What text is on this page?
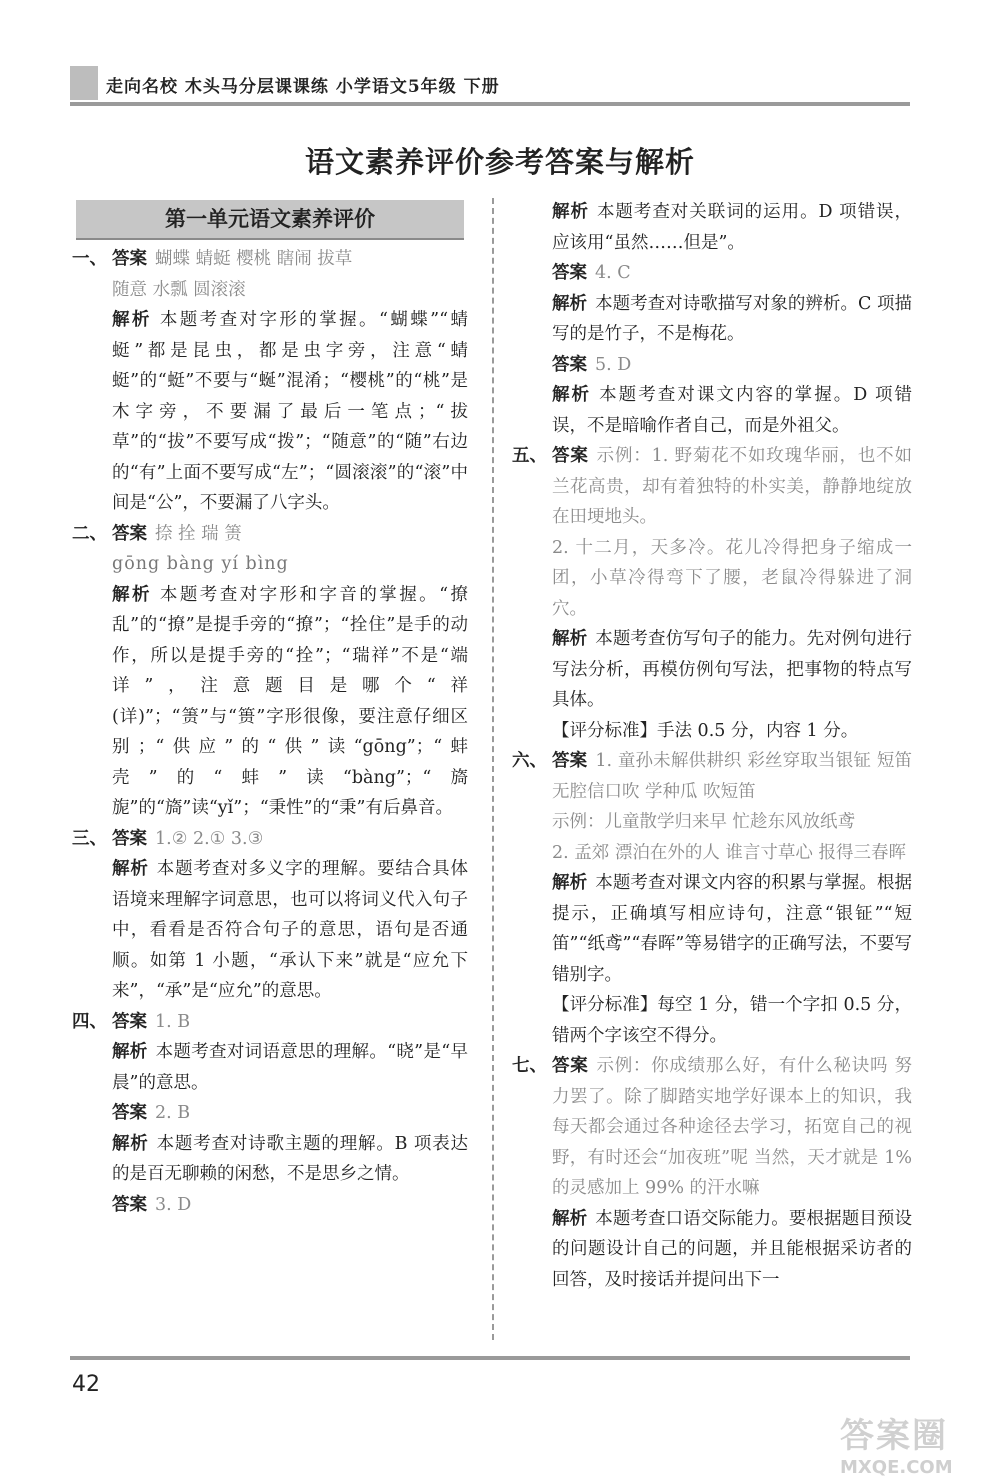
走向名校 木头马分层课课练 小学语文5年级 下册
语文素养评价参考答案与解析
第一单元语文素养评价
一、 答案 蝴蝶 蜻蜓 樱桃 瞎闹 拔草

随意 水瓢 圆滚滚

解析 本题考查对字形的掌握。“蝴蝶”“蜻蜓”都是昆虫，都是虫字旁，注意“蜻蜓”的“蜓”不要与“蜒”混淆；“樱桃”的“桃”是木字旁，不要漏了最后一笔点；“拔草”的“拔”不要写成“拨”；“随意”的“随”右边的“有”上面不要写成“左”；“圆滚滚”的“滚”中间是“公”，不要漏了八字头。

二、 答案 捺 拴 瑞 箦

gōng bàng yí bìng

解析 本题考查对字形和字音的掌握。“撩乱”的“撩”是提手旁的“撩”；“拴住”是手的动作，所以是提手旁的“拴”；“瑞祥”不是“端详”，注意题目是哪个“祥(详)”；“箦”与“篑”字形很像，要注意仔细区别；“供应”的“供”读“gōng”；“蚌壳”的“蚌”读“bàng”；“旖旎”的“旖”读“yǐ”；“秉性”的“秉”有后鼻音。

三、 答案 1.② 2.① 3.③

解析 本题考查对多义字的理解。要结合具体语境来理解字词意思，也可以将词义代入句子中，看看是否符合句子的意思，语句是否通顺。如第 1 小题，“承认下来”就是“应允下来”，“承”是“应允”的意思。

四、 答案 1. B

解析 本题考查对词语意思的理解。“晓”是“早晨”的意思。

答案 2. B

解析 本题考查对诗歌主题的理解。B 项表达的是百无聊赖的闲愁，不是思乡之情。

答案 3. D

解析 本题考查对关联词的运用。D 项错误，应该用“虽然……但是”。

答案 4. C

解析 本题考查对诗歌描写对象的辨析。C 项描写的是竹子，不是梅花。

答案 5. D

解析 本题考查对课文内容的掌握。D 项错误，不是暗喻作者自己，而是外祖父。

五、 答案 示例：1. 野菊花不如玫瑰华丽，也不如兰花高贵，却有着独特的朴实美，静静地绽放在田埂地头。

2. 十二月，天多冷。花儿冷得把身子缩成一团，小草冷得弯下了腰，老鼠冷得躲进了洞穴。

解析 本题考查仿写句子的能力。先对例句进行写法分析，再模仿例句写法，把事物的特点写具体。

【评分标准】手法 0.5 分，内容 1 分。

六、 答案 1. 童孙未解供耕织 彩丝穿取当银钲 短笛无腔信口吹 学种瓜 吹短笛

示例：儿童散学归来早 忙趁东风放纸鸢

2. 孟郊 漂泊在外的人 谁言寸草心 报得三春晖

解析 本题考查对课文内容的积累与掌握。根据提示，正确填写相应诗句，注意“银钲”“短笛”“纸鸢”“春晖”等易错字的正确写法，不要写错别字。

【评分标准】每空 1 分，错一个字扣 0.5 分，错两个字该空不得分。

七、 答案 示例：你成绩那么好，有什么秘诀吗 努力罢了。除了脚踏实地学好课本上的知识，我每天都会通过各种途径去学习，拓宽自己的视野，有时还会“加夜班”呢 当然，天才就是 1% 的灵感加上 99% 的汗水嘛

解析 本题考查口语交际能力。要根据题目预设的问题设计自己的问题，并且能根据采访者的回答，及时接话并提问出下一

42
答案圈
MXQE.COM
